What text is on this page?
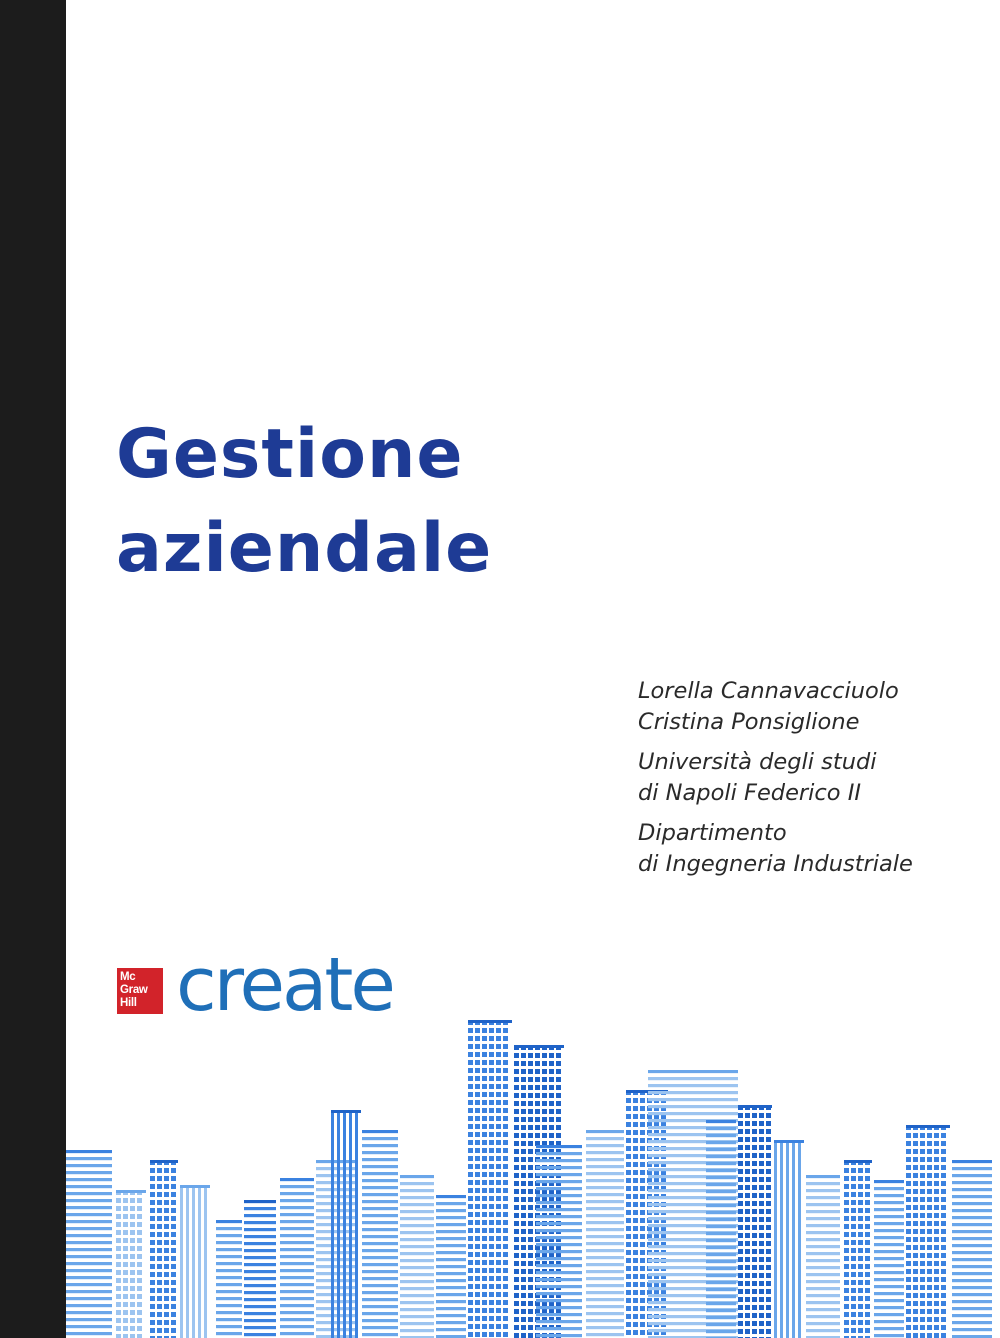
Gestione
aziendale
Lorella Cannavacciuolo
Cristina Ponsiglione
Università degli studi
di Napoli Federico II
Dipartimento
di Ingegneria Industriale
Mc
Graw
Hill create
